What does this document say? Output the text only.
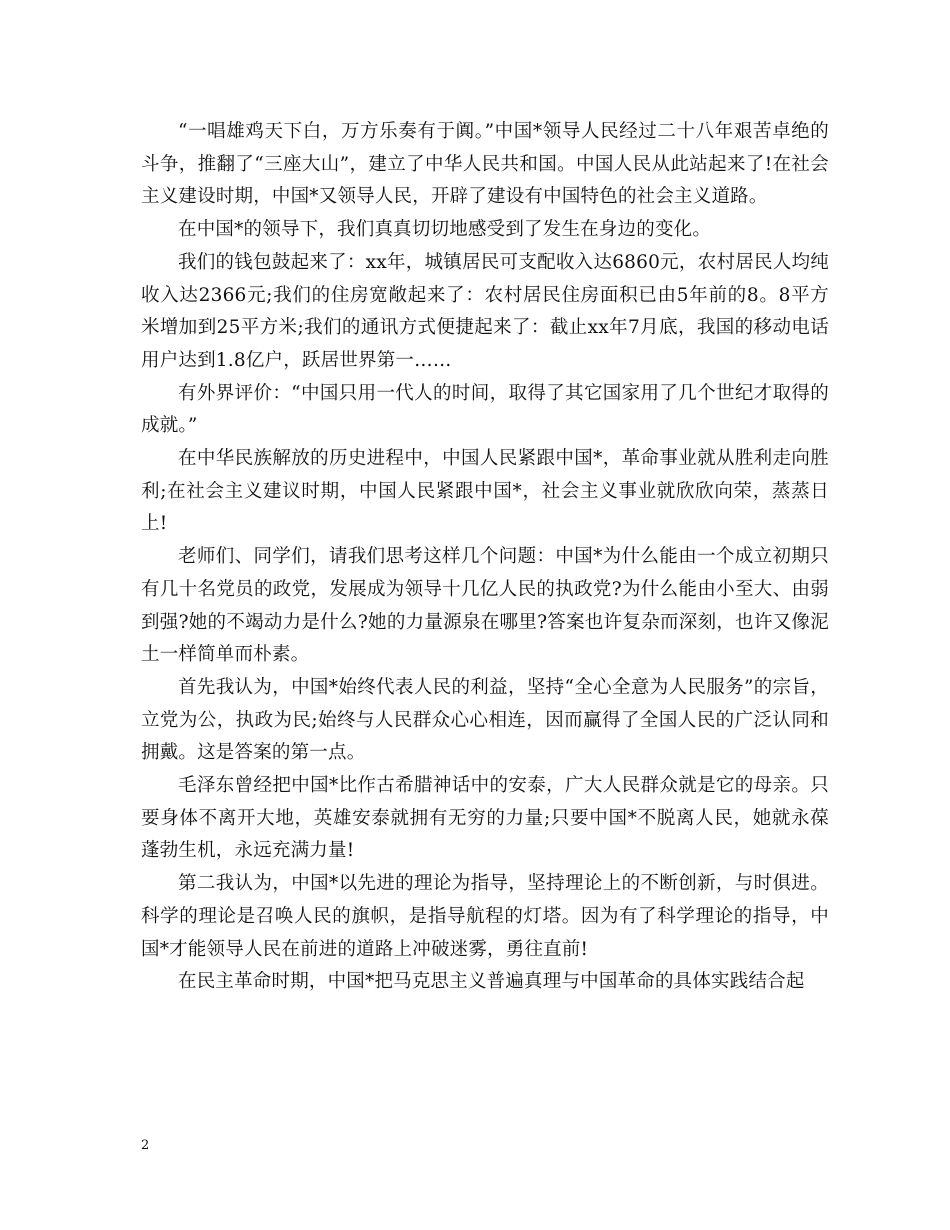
“一唱雄鸡天下白，万方乐奏有于阗。”中国*领导人民经过二十八年艰苦卓绝的斗争，推翻了“三座大山”，建立了中华人民共和国。中国人民从此站起来了!在社会主义建设时期，中国*又领导人民，开辟了建设有中国特色的社会主义道路。

在中国*的领导下，我们真真切切地感受到了发生在身边的变化。

我们的钱包鼓起来了：xx年，城镇居民可支配收入达6860元，农村居民人均纯收入达2366元;我们的住房宽敞起来了：农村居民住房面积已由5年前的8。8平方米增加到25平方米;我们的通讯方式便捷起来了：截止xx年7月底，我国的移动电话用户达到1.8亿户，跃居世界第一……

有外界评价：“中国只用一代人的时间，取得了其它国家用了几个世纪才取得的成就。”

在中华民族解放的历史进程中，中国人民紧跟中国*，革命事业就从胜利走向胜利;在社会主义建议时期，中国人民紧跟中国*，社会主义事业就欣欣向荣，蒸蒸日上!

老师们、同学们，请我们思考这样几个问题：中国*为什么能由一个成立初期只有几十名党员的政党，发展成为领导十几亿人民的执政党?为什么能由小至大、由弱到强?她的不竭动力是什么?她的力量源泉在哪里?答案也许复杂而深刻，也许又像泥土一样简单而朴素。

首先我认为，中国*始终代表人民的利益，坚持“全心全意为人民服务”的宗旨，立党为公，执政为民;始终与人民群众心心相连，因而赢得了全国人民的广泛认同和拥戴。这是答案的第一点。

毛泽东曾经把中国*比作古希腊神话中的安泰，广大人民群众就是它的母亲。只要身体不离开大地，英雄安泰就拥有无穷的力量;只要中国*不脱离人民，她就永葆蓬勃生机，永远充满力量!

第二我认为，中国*以先进的理论为指导，坚持理论上的不断创新，与时俱进。科学的理论是召唤人民的旗帜，是指导航程的灯塔。因为有了科学理论的指导，中国*才能领导人民在前进的道路上冲破迷雾，勇往直前!

在民主革命时期，中国*把马克思主义普遍真理与中国革命的具体实践结合起

2
